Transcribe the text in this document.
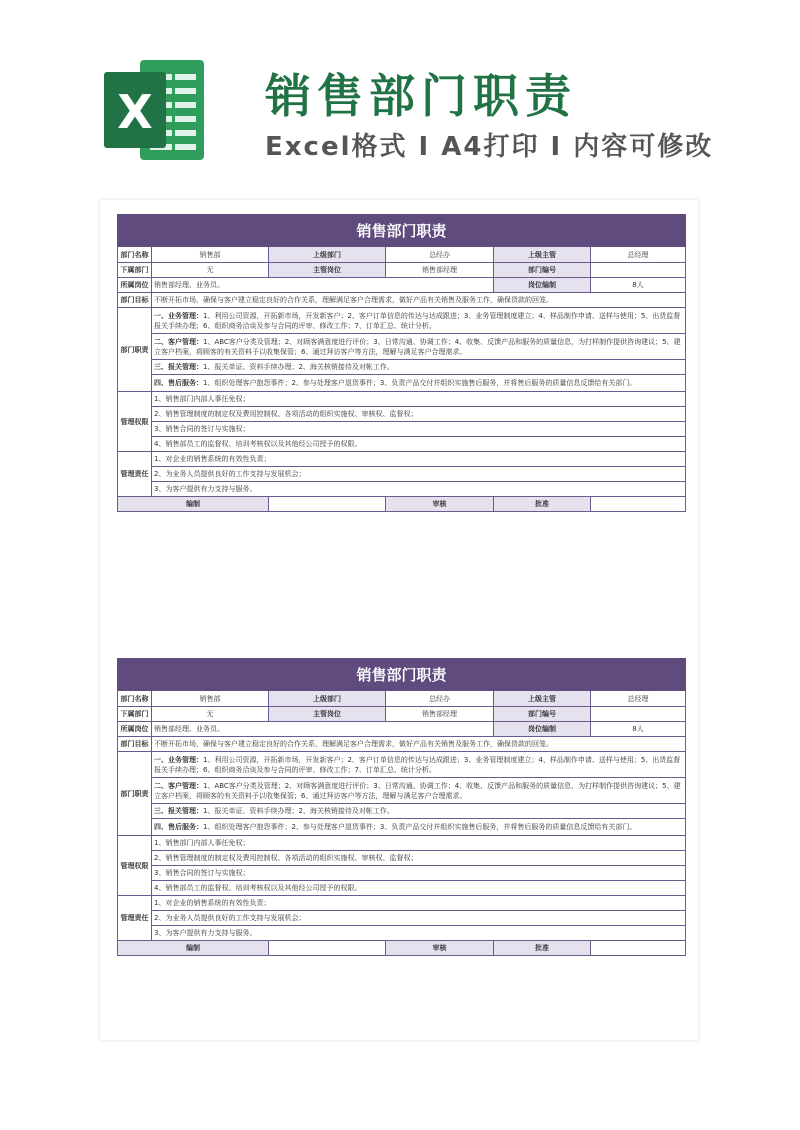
X 销售部门职责
Excel格式 I A4打印 I 内容可修改
销售部门职责					
部门名称	销售部	上级部门	总经办	上级主管	总经理

下属部门	无	主管岗位	销售部经理	部门编号	

所属岗位	销售部经理、业务员。			岗位编制	8人

部门目标	不断开拓市场，确保与客户建立稳定良好的合作关系，理解满足客户合理需求，做好产品有关销售及服务工作，确保货款的回笼。				

部门职责	一、业务管理：1、利用公司资源，开拓新市场，开发新客户；2、客户订单信息的传达与达成跟进；3、业务管理制度建立；4、样品制作申请、送样与使用；5、出货监督报关手续办理；6、组织商务洽谈及参与合同的评审、修改工作；7、订单汇总、统计分析。				
	二、客户管理：1、ABC客户分类及管理；2、对顾客满意度进行评价；3、日常沟通、协调工作；4、收集、反馈产品和服务的质量信息，为打样制作提供咨询建议；5、建立客户档案，将顾客的有关资料予以收集保管；6、通过拜访客户等方法，理解与满足客户合理需求。				
	三、报关管理：1、报关单证、资料手续办理；2、海关核销接待及对帐工作。				
	四、售后服务：1、组织处理客户抱怨事件；2、参与处理客户退货事件；3、负责产品交付并组织实施售后服务，并将售后服务的质量信息反馈给有关部门。				
管理权限	1、销售部门内部人事任免权；				
	2、销售管理制度的制定权及费用控制权、各项活动的组织实施权、审核权、监督权；				
	3、销售合同的签订与实施权；				
	4、销售部员工的监督权、培训考核权以及其他经公司授予的权限。				
管理责任	1、对企业的销售系统的有效性负责；				
	2、为业务人员提供良好的工作支持与发展机会；				
	3、为客户提供有力支持与服务。				
编制			审核	批准	
销售部门职责					
部门名称	销售部	上级部门	总经办	上级主管	总经理

下属部门	无	主管岗位	销售部经理	部门编号	

所属岗位	销售部经理、业务员。			岗位编制	8人

部门目标	不断开拓市场，确保与客户建立稳定良好的合作关系，理解满足客户合理需求，做好产品有关销售及服务工作，确保货款的回笼。				

部门职责	一、业务管理：1、利用公司资源，开拓新市场，开发新客户；2、客户订单信息的传达与达成跟进；3、业务管理制度建立；4、样品制作申请、送样与使用；5、出货监督报关手续办理；6、组织商务洽谈及参与合同的评审、修改工作；7、订单汇总、统计分析。				
	二、客户管理：1、ABC客户分类及管理；2、对顾客满意度进行评价；3、日常沟通、协调工作；4、收集、反馈产品和服务的质量信息，为打样制作提供咨询建议；5、建立客户档案，将顾客的有关资料予以收集保管；6、通过拜访客户等方法，理解与满足客户合理需求。				
	三、报关管理：1、报关单证、资料手续办理；2、海关核销接待及对帐工作。				
	四、售后服务：1、组织处理客户抱怨事件；2、参与处理客户退货事件；3、负责产品交付并组织实施售后服务，并将售后服务的质量信息反馈给有关部门。				
管理权限	1、销售部门内部人事任免权；				
	2、销售管理制度的制定权及费用控制权、各项活动的组织实施权、审核权、监督权；				
	3、销售合同的签订与实施权；				
	4、销售部员工的监督权、培训考核权以及其他经公司授予的权限。				
管理责任	1、对企业的销售系统的有效性负责；				
	2、为业务人员提供良好的工作支持与发展机会；				
	3、为客户提供有力支持与服务。				
编制			审核	批准	
